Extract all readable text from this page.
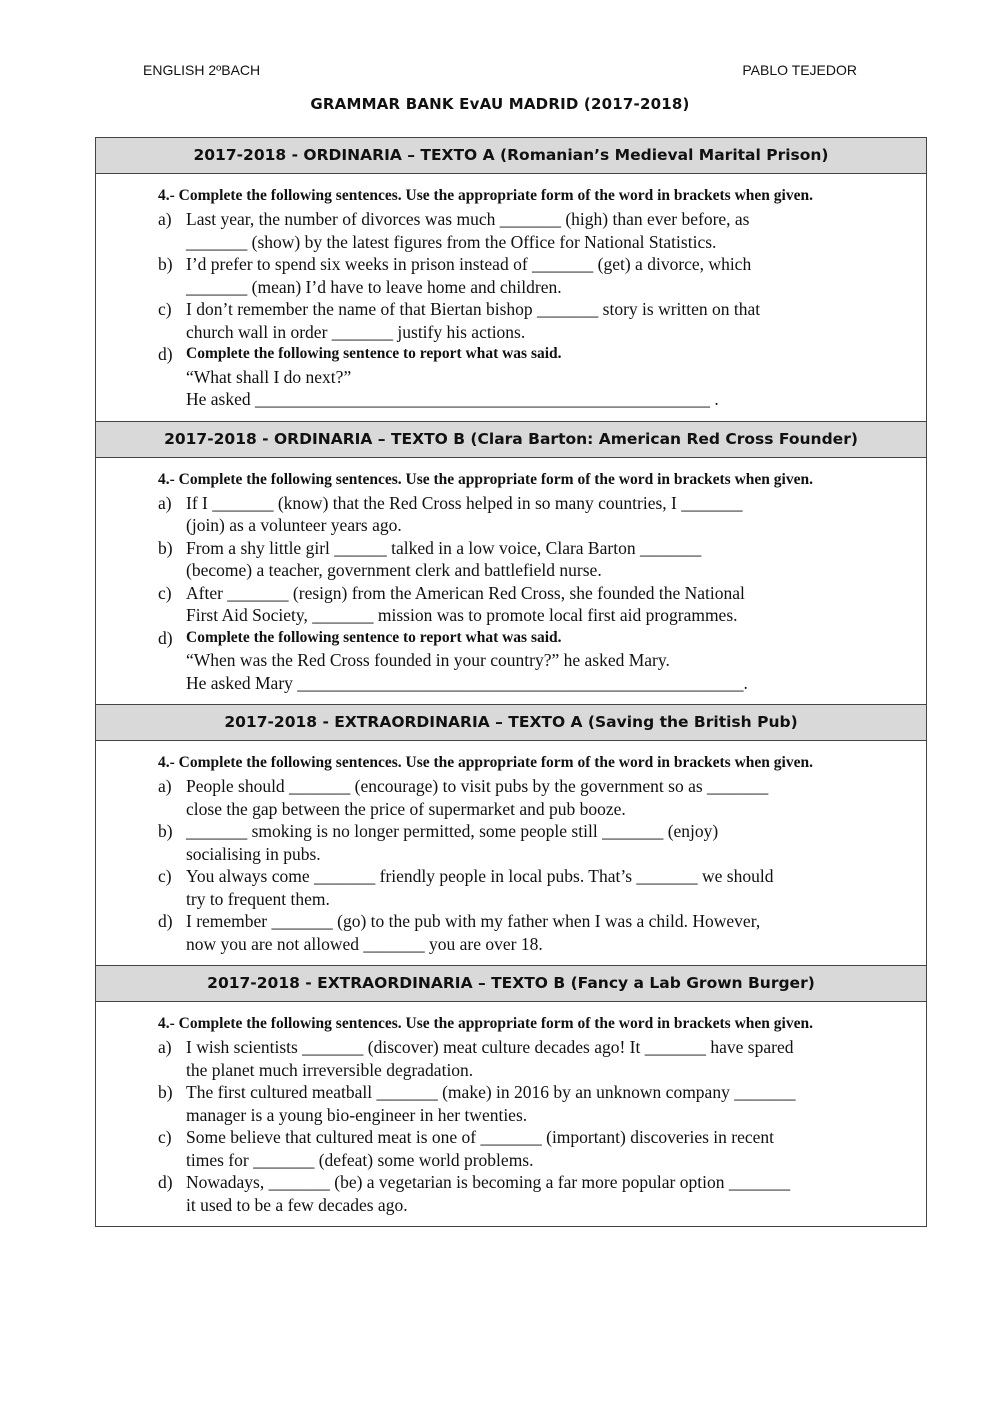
ENGLISH 2ºBACH	PABLO TEJEDOR
GRAMMAR BANK EvAU MADRID (2017-2018)
2017-2018 - ORDINARIA – TEXTO A (Romanian’s Medieval Marital Prison)
4.- Complete the following sentences. Use the appropriate form of the word in brackets when given.
a) Last year, the number of divorces was much _______ (high) than ever before, as
_______ (show) by the latest figures from the Office for National Statistics.
b) I’d prefer to spend six weeks in prison instead of _______ (get) a divorce, which
_______ (mean) I’d have to leave home and children.
c) I don’t remember the name of that Biertan bishop _______ story is written on that
church wall in order _______ justify his actions.
d) Complete the following sentence to report what was said.
“What shall I do next?”
He asked ____________________________________________________ .
2017-2018 - ORDINARIA – TEXTO B (Clara Barton: American Red Cross Founder)
4.- Complete the following sentences. Use the appropriate form of the word in brackets when given.
a) If I _______ (know) that the Red Cross helped in so many countries, I _______
(join) as a volunteer years ago.
b) From a shy little girl ______ talked in a low voice, Clara Barton _______
(become) a teacher, government clerk and battlefield nurse.
c) After _______ (resign) from the American Red Cross, she founded the National
First Aid Society, _______ mission was to promote local first aid programmes.
d) Complete the following sentence to report what was said.
“When was the Red Cross founded in your country?” he asked Mary.
He asked Mary ___________________________________________________.
2017-2018 - EXTRAORDINARIA – TEXTO A (Saving the British Pub)
4.- Complete the following sentences. Use the appropriate form of the word in brackets when given.
a) People should _______ (encourage) to visit pubs by the government so as _______
close the gap between the price of supermarket and pub booze.
b) _______ smoking is no longer permitted, some people still _______ (enjoy)
socialising in pubs.
c) You always come _______ friendly people in local pubs. That’s _______ we should
try to frequent them.
d) I remember _______ (go) to the pub with my father when I was a child. However,
now you are not allowed _______ you are over 18.
2017-2018 - EXTRAORDINARIA – TEXTO B (Fancy a Lab Grown Burger)
4.- Complete the following sentences. Use the appropriate form of the word in brackets when given.
a) I wish scientists _______ (discover) meat culture decades ago! It _______ have spared
the planet much irreversible degradation.
b) The first cultured meatball _______ (make) in 2016 by an unknown company _______
manager is a young bio-engineer in her twenties.
c) Some believe that cultured meat is one of _______ (important) discoveries in recent
times for _______ (defeat) some world problems.
d) Nowadays, _______ (be) a vegetarian is becoming a far more popular option _______
it used to be a few decades ago.
